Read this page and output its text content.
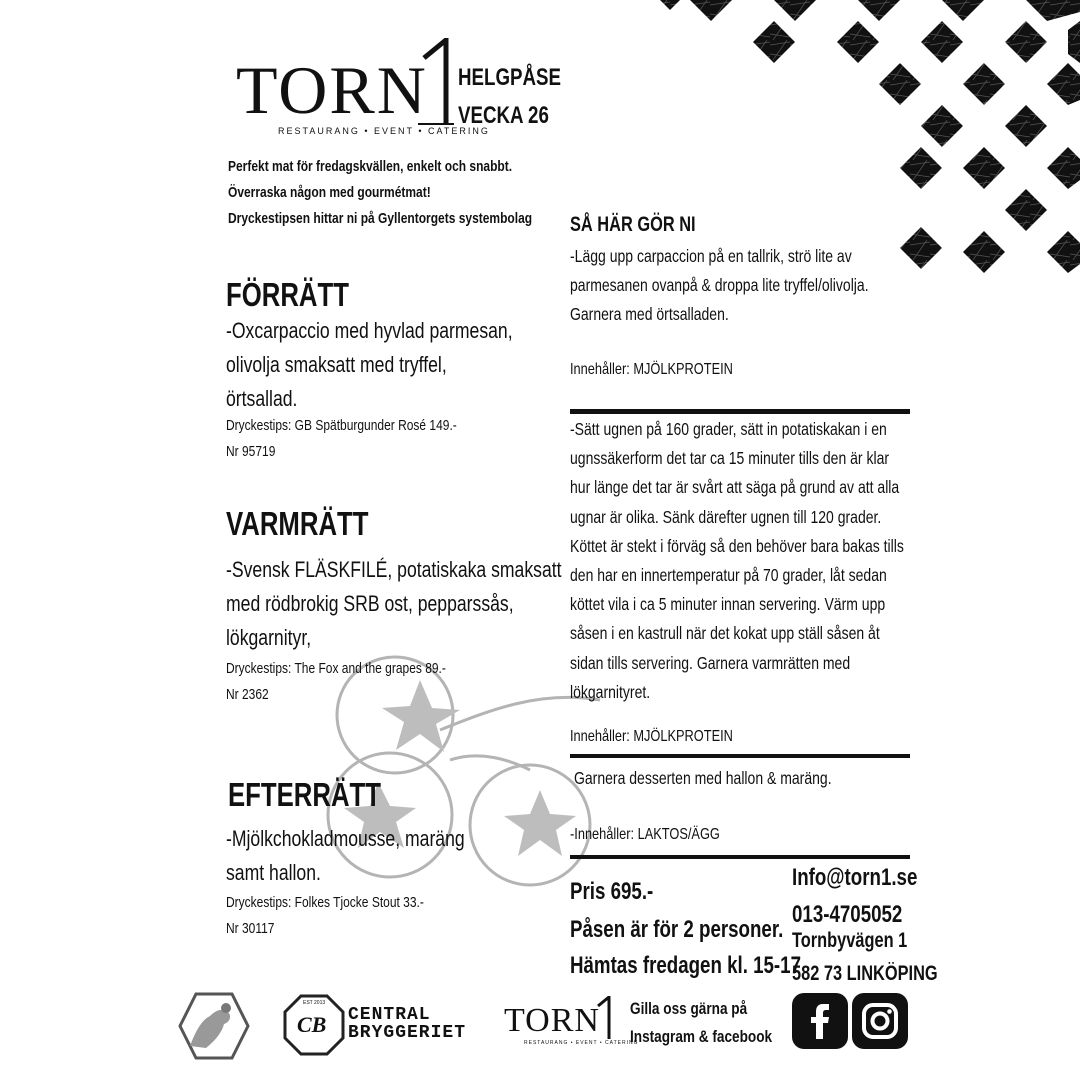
TORN
RESTAURANG • EVENT • CATERING
HELGPÅSE
VECKA 26
Perfekt mat för fredagskvällen, enkelt och snabbt.
Överraska någon med gourmétmat!
Dryckestipsen hittar ni på Gyllentorgets systembolag
FÖRRÄTT
-Oxcarpaccio med hyvlad parmesan,
olivolja smaksatt med tryffel,
örtsallad.
Dryckestips: GB Spätburgunder Rosé 149.-
Nr 95719
VARMRÄTT
-Svensk FLÄSKFILÉ, potatiskaka smaksatt
med rödbrokig SRB ost, pepparssås,
lökgarnityr,
Dryckestips: The Fox and the grapes 89.-
Nr 2362
EFTERRÄTT
-Mjölkchokladmousse, maräng
samt hallon.
Dryckestips: Folkes Tjocke Stout 33.-
Nr 30117
SÅ HÄR GÖR NI
-Lägg upp carpaccion på en tallrik, strö lite av
parmesanen ovanpå & droppa lite tryffel/olivolja.
Garnera med örtsalladen.
Innehåller: MJÖLKPROTEIN
-Sätt ugnen på 160 grader, sätt in potatiskakan i en
ugnssäkerform det tar ca 15 minuter tills den är klar
hur länge det tar är svårt att säga på grund av att alla
ugnar är olika. Sänk därefter ugnen till 120 grader.
Köttet är stekt i förväg så den behöver bara bakas tills
den har en innertemperatur på 70 grader, låt sedan
köttet vila i ca 5 minuter innan servering. Värm upp
såsen i en kastrull när det kokat upp ställ såsen åt
sidan tills servering. Garnera varmrätten med
lökgarnityret.
Innehåller: MJÖLKPROTEIN
Garnera desserten med hallon & maräng.
-Innehåller: LAKTOS/ÄGG
Pris 695.-
Påsen är för 2 personer.
Hämtas fredagen kl. 15-17
Info@torn1.se
013-4705052
Tornbyvägen 1
582 73 LINKÖPING
CB
EST 2013
CENTRAL
BRYGGERIET TORN
RESTAURANG • EVENT • CATERING
Gilla oss gärna på
Instagram & facebook
